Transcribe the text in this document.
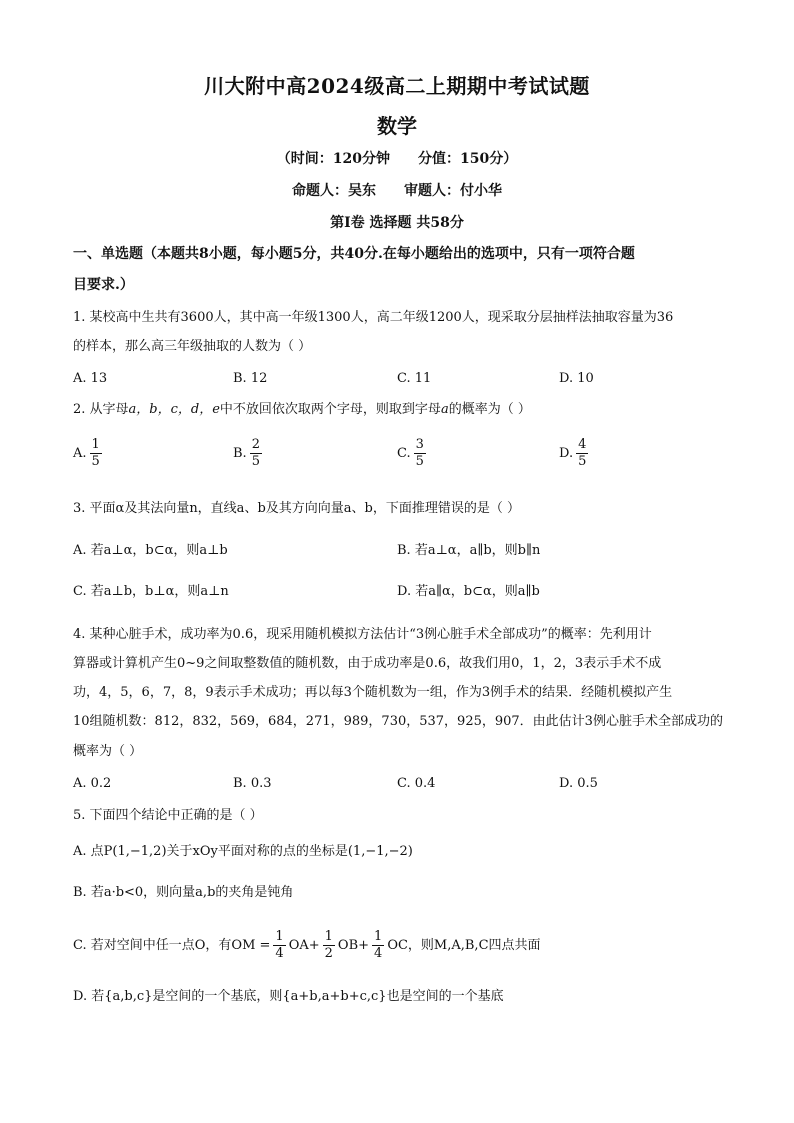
川大附中高2024级高二上期期中考试试题
数学
（时间：120分钟 分值：150分）
命题人：吴东 审题人：付小华
第Ⅰ卷 选择题 共58分
一、单选题（本题共8小题，每小题5分，共40分.在每小题给出的选项中，只有一项符合题
目要求.）
1. 某校高中生共有3600人，其中高一年级1300人，高二年级1200人，现采取分层抽样法抽取容量为36
的样本，那么高三年级抽取的人数为（ ）
A. 13	B. 12	C. 11	D. 10
2. 从字母a，b，c，d，e中不放回依次取两个字母，则取到字母a的概率为（ ）
A. $\frac{1}{5}$	B. $\frac{2}{5}$	C. $\frac{3}{5}$	D. $\frac{4}{5}$
3. 平面α及其法向量n，直线a、b及其方向向量a、b，下面推理错误的是（ ）
A. 若a⊥α，b⊂α，则a⊥b	B. 若a⊥α，a∥b，则b∥n
C. 若a⊥b，b⊥α，则a⊥n	D. 若a∥α，b⊂α，则a∥b
4. 某种心脏手术，成功率为0.6，现采用随机模拟方法估计“3例心脏手术全部成功”的概率：先利用计
算器或计算机产生0~9之间取整数值的随机数，由于成功率是0.6，故我们用0，1，2，3表示手术不成
功，4，5，6，7，8，9表示手术成功；再以每3个随机数为一组，作为3例手术的结果．经随机模拟产生
10组随机数：812，832，569，684，271，989，730，537，925，907．由此估计3例心脏手术全部成功的
概率为（ ）
A. 0.2	B. 0.3	C. 0.4	D. 0.5
5. 下面四个结论中正确的是（ ）
A. 点P(1,−1,2)关于xOy平面对称的点的坐标是(1,−1,−2)
B. 若a·b<0，则向量a,b的夹角是钝角
C. 若对空间中任一点O，有OM = $\frac{1}{4} OA+ \frac{1}{2} OB+ \frac{1}{4}$ OC，则M,A,B,C四点共面
D. 若{a,b,c}是空间的一个基底，则{a+b,a+b+c,c}也是空间的一个基底
